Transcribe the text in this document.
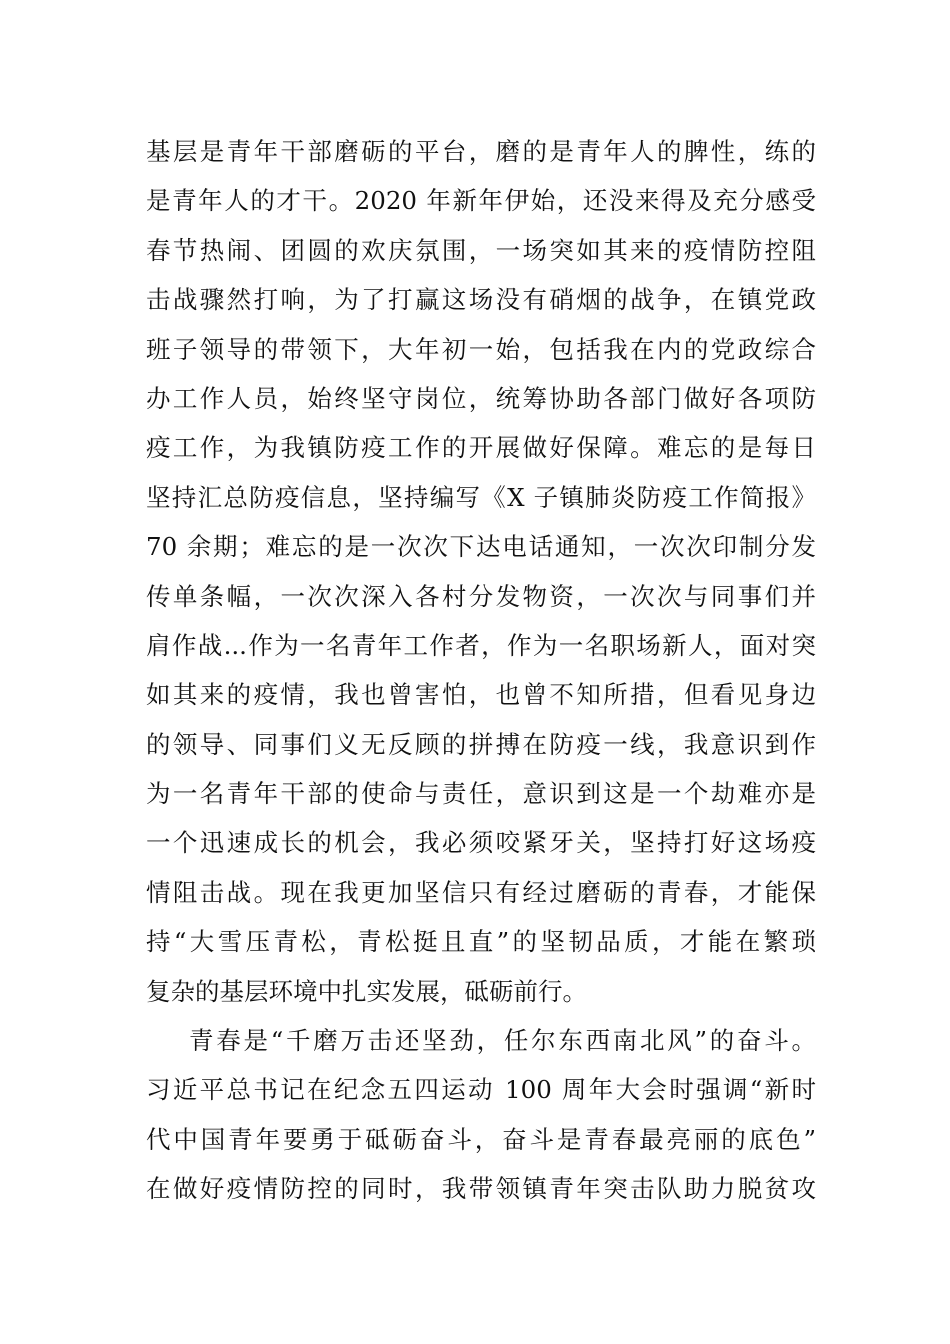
基层是青年干部磨砺的平台，磨的是青年人的脾性，练的
是青年人的才干。2020 年新年伊始，还没来得及充分感受
春节热闹、团圆的欢庆氛围，一场突如其来的疫情防控阻
击战骤然打响，为了打赢这场没有硝烟的战争，在镇党政
班子领导的带领下，大年初一始，包括我在内的党政综合
办工作人员，始终坚守岗位，统筹协助各部门做好各项防
疫工作，为我镇防疫工作的开展做好保障。难忘的是每日
坚持汇总防疫信息，坚持编写《X 子镇肺炎防疫工作简报》
70 余期；难忘的是一次次下达电话通知，一次次印制分发
传单条幅，一次次深入各村分发物资，一次次与同事们并
肩作战...作为一名青年工作者，作为一名职场新人，面对突
如其来的疫情，我也曾害怕，也曾不知所措，但看见身边
的领导、同事们义无反顾的拼搏在防疫一线，我意识到作
为一名青年干部的使命与责任，意识到这是一个劫难亦是
一个迅速成长的机会，我必须咬紧牙关，坚持打好这场疫
情阻击战。现在我更加坚信只有经过磨砺的青春，才能保
持“大雪压青松，青松挺且直”的坚韧品质，才能在繁琐
复杂的基层环境中扎实发展，砥砺前行。
青春是“千磨万击还坚劲，任尔东西南北风”的奋斗。
习近平总书记在纪念五四运动 100 周年大会时强调“新时
代中国青年要勇于砥砺奋斗，奋斗是青春最亮丽的底色”
在做好疫情防控的同时，我带领镇青年突击队助力脱贫攻
